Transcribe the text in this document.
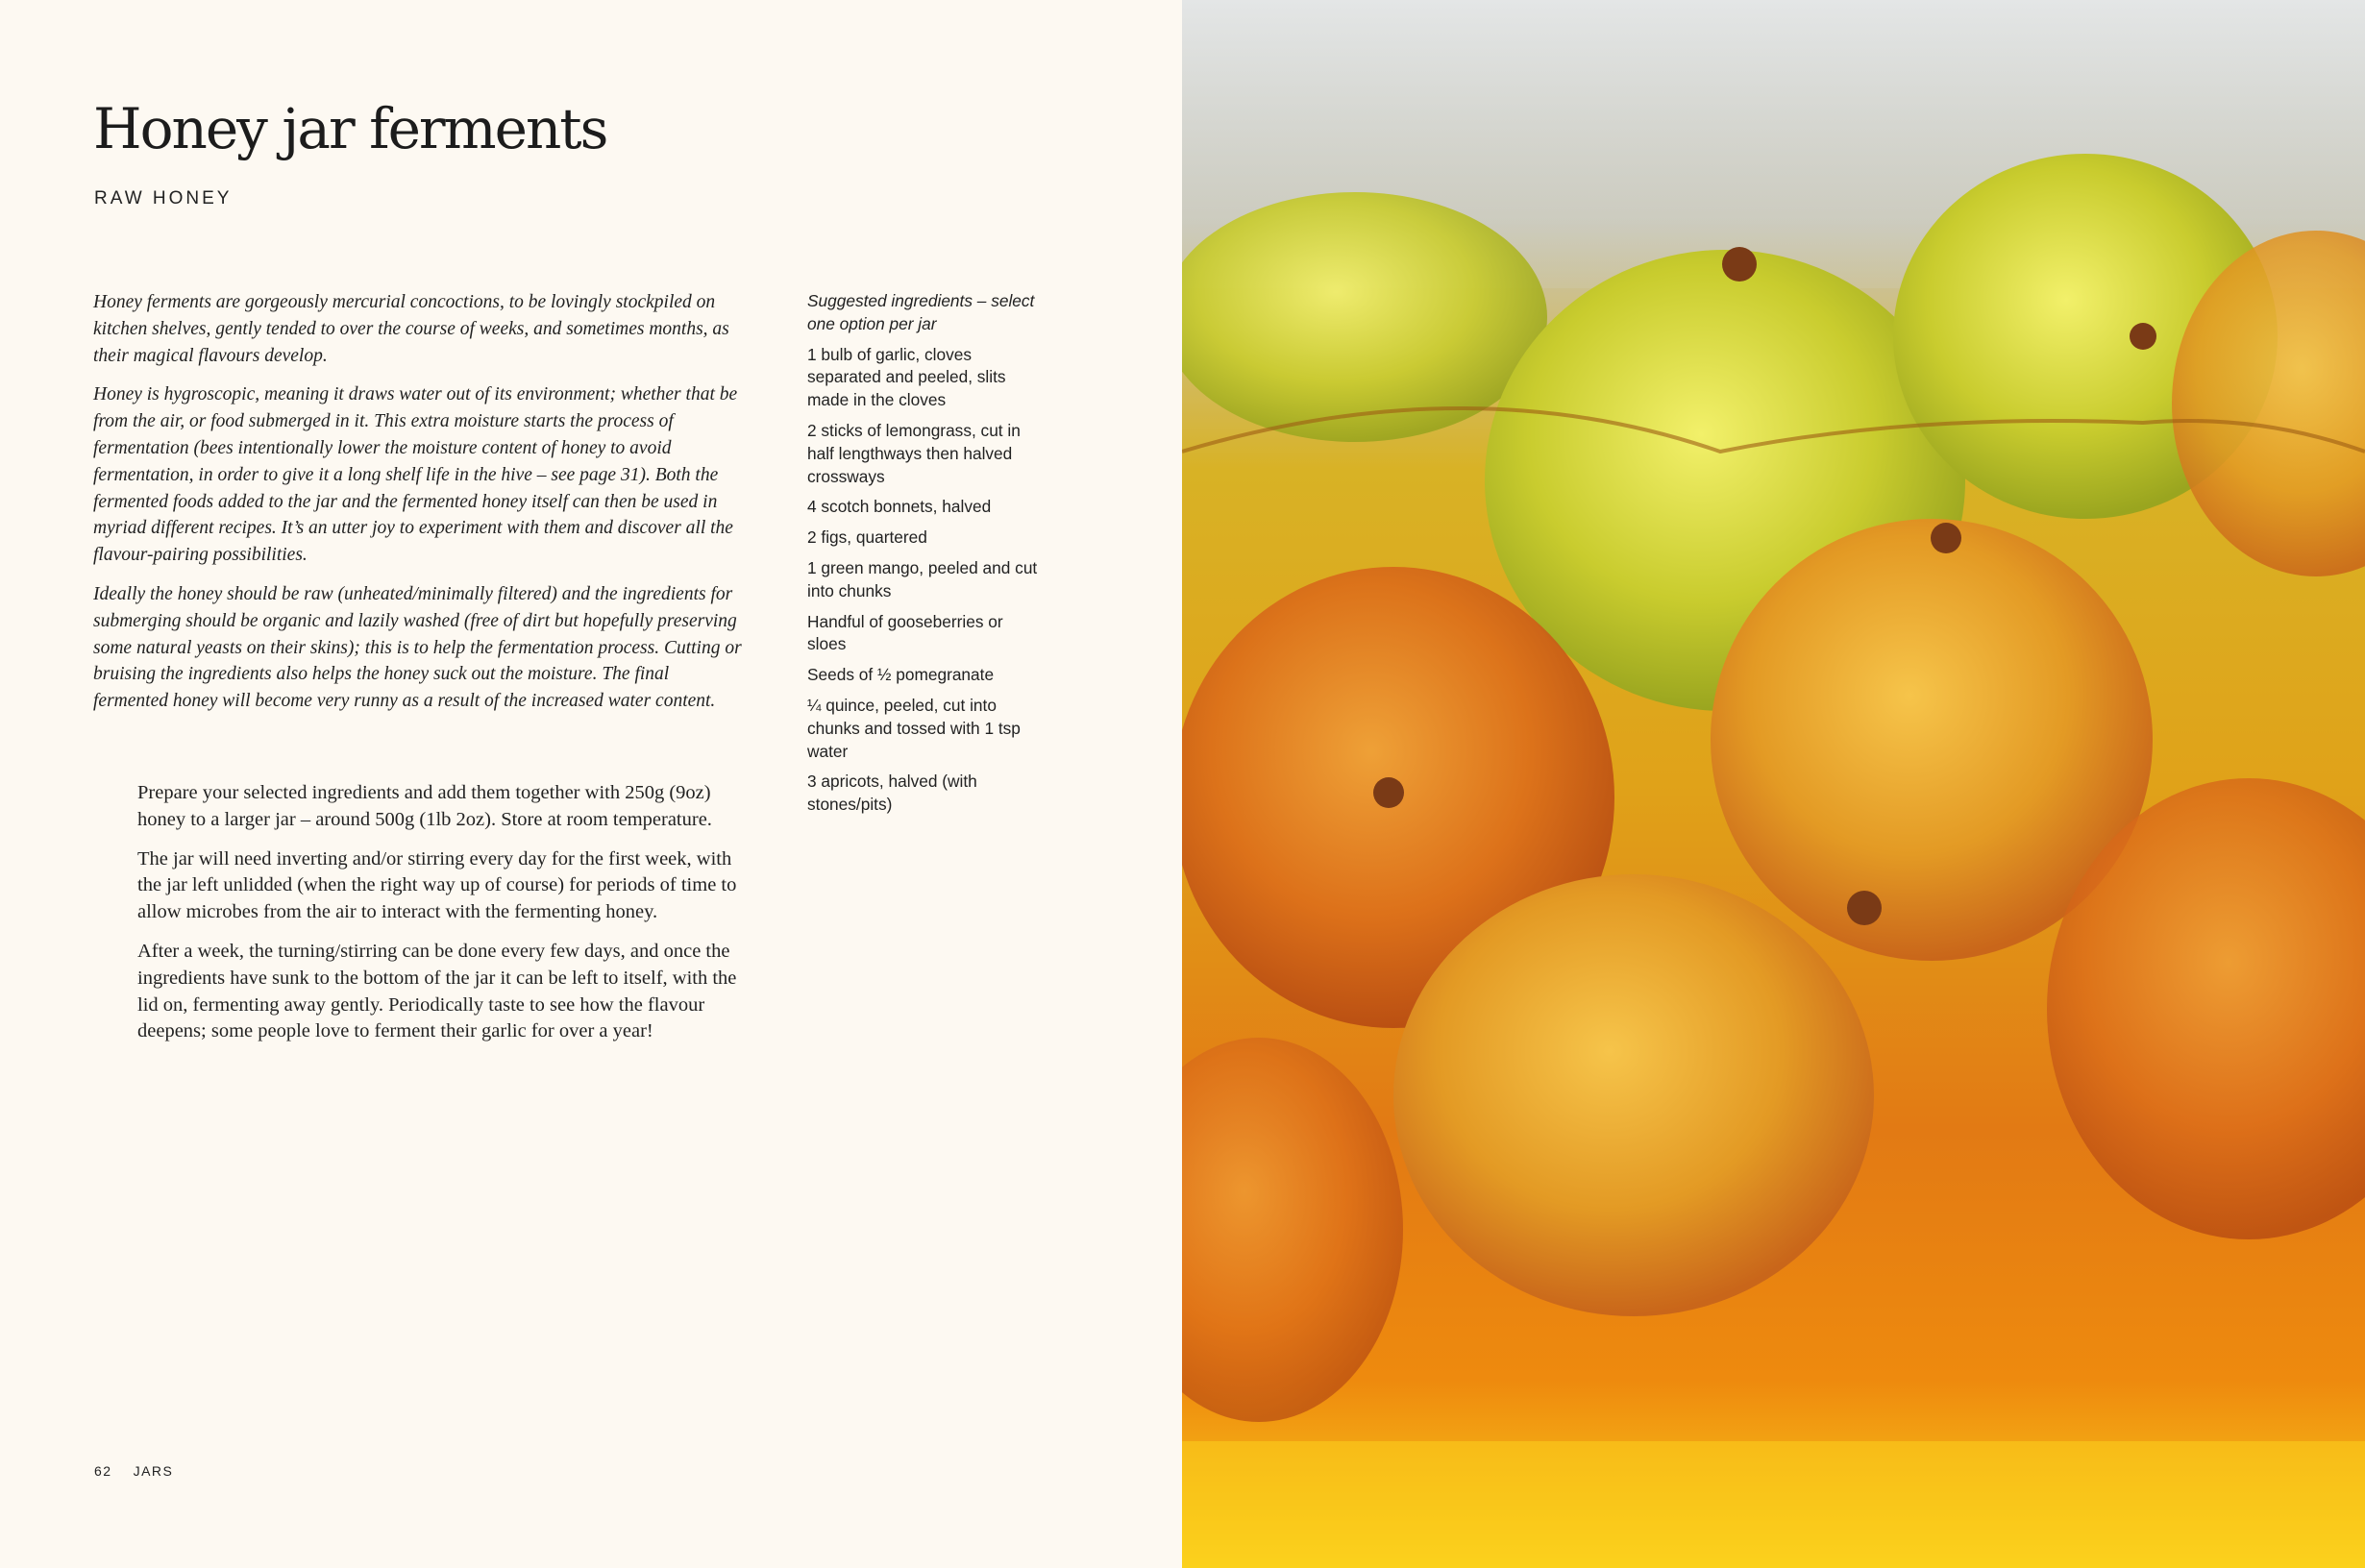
Honey jar ferments
RAW HONEY

Honey ferments are gorgeously mercurial concoctions, to be lovingly stockpiled on kitchen shelves, gently tended to over the course of weeks, and sometimes months, as their magical flavours develop.

Honey is hygroscopic, meaning it draws water out of its environment; whether that be from the air, or food submerged in it. This extra moisture starts the process of fermentation (bees intentionally lower the moisture content of honey to avoid fermentation, in order to give it a long shelf life in the hive – see page 31). Both the fermented foods added to the jar and the fermented honey itself can then be used in myriad different recipes. It’s an utter joy to experiment with them and discover all the flavour-pairing possibilities.

Ideally the honey should be raw (unheated/minimally filtered) and the ingredients for submerging should be organic and lazily washed (free of dirt but hopefully preserving some natural yeasts on their skins); this is to help the fermentation process. Cutting or bruising the ingredients also helps the honey suck out the moisture. The final fermented honey will become very runny as a result of the increased water content.

Prepare your selected ingredients and add them together with 250g (9oz) honey to a larger jar – around 500g (1lb 2oz). Store at room temperature.

The jar will need inverting and/or stirring every day for the first week, with the jar left unlidded (when the right way up of course) for periods of time to allow microbes from the air to interact with the fermenting honey.

After a week, the turning/stirring can be done every few days, and once the ingredients have sunk to the bottom of the jar it can be left to itself, with the lid on, fermenting away gently. Periodically taste to see how the flavour deepens; some people love to ferment their garlic for over a year!

Suggested ingredients – select one option per jar

1 bulb of garlic, cloves separated and peeled, slits made in the cloves
2 sticks of lemongrass, cut in half lengthways then halved crossways
4 scotch bonnets, halved
2 figs, quartered
1 green mango, peeled and cut into chunks
Handful of gooseberries or sloes
Seeds of ½ pomegranate
¼ quince, peeled, cut into chunks and tossed with 1 tsp water
3 apricots, halved (with stones/pits)
62 JARS
